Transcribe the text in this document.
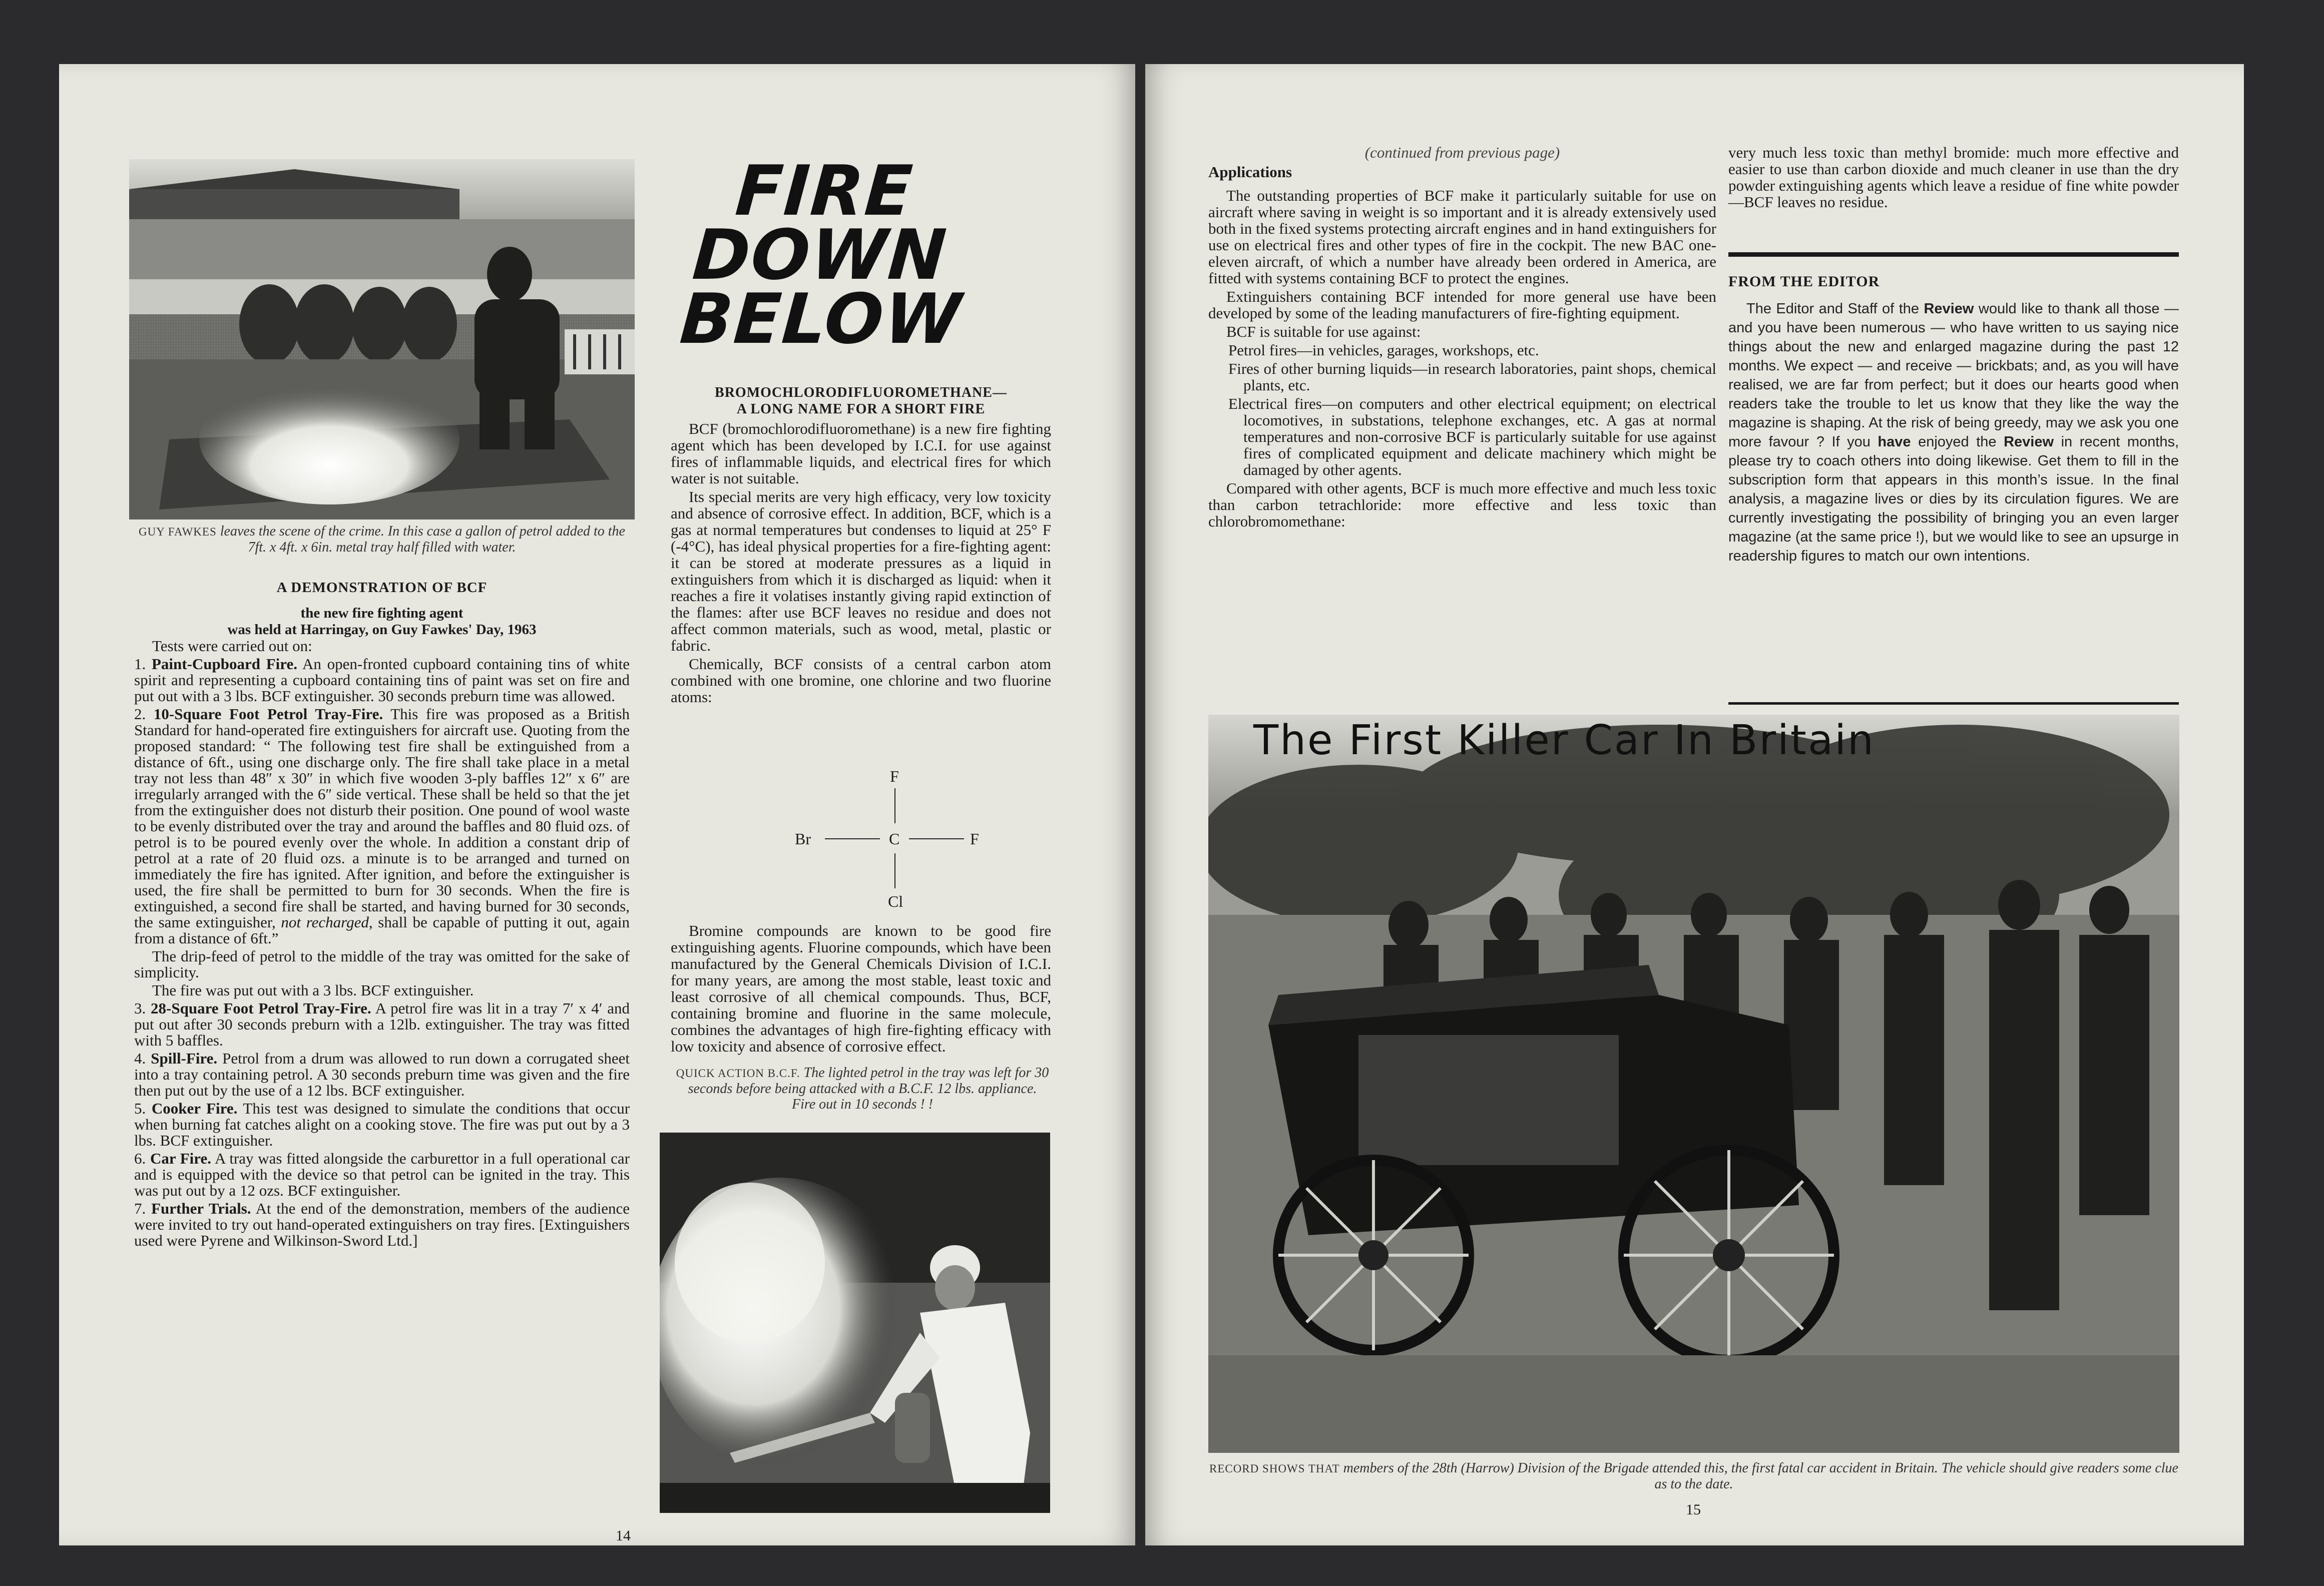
GUY FAWKES leaves the scene of the crime. In this case a gallon of petrol added to the 7ft. x 4ft. x 6in. metal tray half filled with water.
A DEMONSTRATION OF BCF
the new fire fighting agent
was held at Harringay, on Guy Fawkes' Day, 1963

Tests were carried out on:

1. Paint-Cupboard Fire. An open-fronted cupboard containing tins of white spirit and representing a cupboard containing tins of paint was set on fire and put out with a 3 lbs. BCF extinguisher. 30 seconds preburn time was allowed.

2. 10-Square Foot Petrol Tray-Fire. This fire was proposed as a British Standard for hand-operated fire extinguishers for aircraft use. Quoting from the proposed standard: “ The following test fire shall be extinguished from a distance of 6ft., using one discharge only. The fire shall take place in a metal tray not less than 48″ x 30″ in which five wooden 3-ply baffles 12″ x 6″ are irregularly arranged with the 6″ side vertical. These shall be held so that the jet from the extinguisher does not disturb their position. One pound of wool waste to be evenly distributed over the tray and around the baffles and 80 fluid ozs. of petrol is to be poured evenly over the whole. In addition a constant drip of petrol at a rate of 20 fluid ozs. a minute is to be arranged and turned on immediately the fire has ignited. After ignition, and before the extinguisher is used, the fire shall be permitted to burn for 30 seconds. When the fire is extinguished, a second fire shall be started, and having burned for 30 seconds, the same extinguisher, not recharged, shall be capable of putting it out, again from a distance of 6ft.”

The drip-feed of petrol to the middle of the tray was omitted for the sake of simplicity.

The fire was put out with a 3 lbs. BCF extinguisher.

3. 28-Square Foot Petrol Tray-Fire. A petrol fire was lit in a tray 7′ x 4′ and put out after 30 seconds preburn with a 12lb. extinguisher. The tray was fitted with 5 baffles.

4. Spill-Fire. Petrol from a drum was allowed to run down a corrugated sheet into a tray containing petrol. A 30 seconds preburn time was given and the fire then put out by the use of a 12 lbs. BCF extinguisher.

5. Cooker Fire. This test was designed to simulate the conditions that occur when burning fat catches alight on a cooking stove. The fire was put out by a 3 lbs. BCF extinguisher.

6. Car Fire. A tray was fitted alongside the carburettor in a full operational car and is equipped with the device so that petrol can be ignited in the tray. This was put out by a 12 ozs. BCF extinguisher.

7. Further Trials. At the end of the demonstration, members of the audience were invited to try out hand-operated extinguishers on tray fires. [Extinguishers used were Pyrene and Wilkinson-Sword Ltd.]

FIRE
DOWN
BELOW
BROMOCHLORODIFLUOROMETHANE—
A LONG NAME FOR A SHORT FIRE

BCF (bromochlorodifluoromethane) is a new fire fighting agent which has been developed by I.C.I. for use against fires of inflammable liquids, and electrical fires for which water is not suitable.

Its special merits are very high efficacy, very low toxicity and absence of corrosive effect. In addition, BCF, which is a gas at normal temperatures but condenses to liquid at 25° F (-4°C), has ideal physical properties for a fire-fighting agent: it can be stored at moderate pressures as a liquid in extinguishers from which it is discharged as liquid: when it reaches a fire it volatises instantly giving rapid extinction of the flames: after use BCF leaves no residue and does not affect common materials, such as wood, metal, plastic or fabric.

Chemically, BCF consists of a central carbon atom combined with one bromine, one chlorine and two fluorine atoms:

F
Br	C	F
Cl

Bromine compounds are known to be good fire extinguishing agents. Fluorine compounds, which have been manufactured by the General Chemicals Division of I.C.I. for many years, are among the most stable, least toxic and least corrosive of all chemical compounds. Thus, BCF, containing bromine and fluorine in the same molecule, combines the advantages of high fire-fighting efficacy with low toxicity and absence of corrosive effect.

QUICK ACTION B.C.F. The lighted petrol in the tray was left for 30 seconds before being attacked with a B.C.F. 12 lbs. appliance. Fire out in 10 seconds ! !
14
(continued from previous page)
Applications

The outstanding properties of BCF make it particularly suitable for use on aircraft where saving in weight is so important and it is already extensively used both in the fixed systems protecting aircraft engines and in hand extinguishers for use on electrical fires and other types of fire in the cockpit. The new BAC one-eleven aircraft, of which a number have already been ordered in America, are fitted with systems containing BCF to protect the engines.

Extinguishers containing BCF intended for more general use have been developed by some of the leading manufacturers of fire-fighting equipment.

BCF is suitable for use against:

Petrol fires—in vehicles, garages, workshops, etc.

Fires of other burning liquids—in research laboratories, paint shops, chemical plants, etc.

Electrical fires—on computers and other electrical equipment; on electrical locomotives, in substations, telephone exchanges, etc. A gas at normal temperatures and non-corrosive BCF is particularly suitable for use against fires of complicated equipment and delicate machinery which might be damaged by other agents.

Compared with other agents, BCF is much more effective and much less toxic than carbon tetrachloride: more effective and less toxic than chlorobromomethane:

very much less toxic than methyl bromide: much more effective and easier to use than carbon dioxide and much cleaner in use than the dry powder extinguishing agents which leave a residue of fine white powder—BCF leaves no residue.

FROM THE EDITOR
The Editor and Staff of the Review would like to thank all those — and you have been numerous — who have written to us saying nice things about the new and enlarged magazine during the past 12 months. We expect — and receive — brickbats; and, as you will have realised, we are far from perfect; but it does our hearts good when readers take the trouble to let us know that they like the way the magazine is shaping. At the risk of being greedy, may we ask you one more favour ? If you have enjoyed the Review in recent months, please try to coach others into doing likewise. Get them to fill in the subscription form that appears in this month’s issue. In the final analysis, a magazine lives or dies by its circulation figures. We are currently investigating the possibility of bringing you an even larger magazine (at the same price !), but we would like to see an upsurge in readership figures to match our own intentions.
The First Killer Car In Britain
RECORD SHOWS THAT members of the 28th (Harrow) Division of the Brigade attended this, the first fatal car accident in Britain. The vehicle should give readers some clue as to the date.
15
